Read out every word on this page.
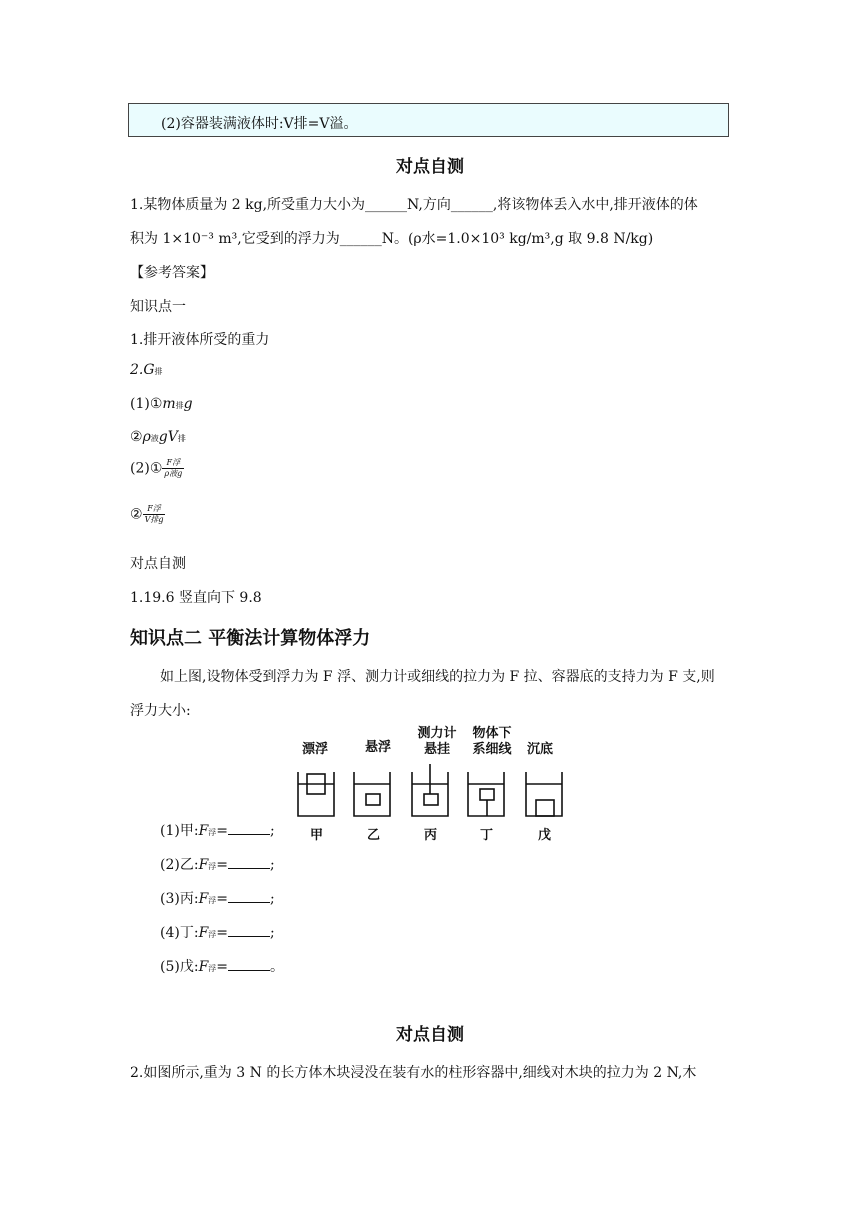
(2)容器装满液体时:V排=V溢。
对点自测
1.某物体质量为 2 kg,所受重力大小为______N,方向______,将该物体丢入水中,排开液体的体
积为 1×10⁻³ m³,它受到的浮力为______N。(ρ水=1.0×10³ kg/m³,g 取 9.8 N/kg)
【参考答案】
知识点一
1.排开液体所受的重力
2.G排
(1)①m排g
②ρ液gV排
(2)① $\frac{\text{F浮}}{\text{ρ液g}}$
② $\frac{\text{F浮}}{\text{V排g}}$
对点自测
1.19.6 竖直向下 9.8
知识点二 平衡法计算物体浮力
如上图,设物体受到浮力为 F 浮、测力计或细线的拉力为 F 拉、容器底的支持力为 F 支,则
浮力大小:
漂浮	悬浮
测力计
悬挂
物体下
系细线	沉底
甲	乙	丙	丁	戊
(1)甲:F浮=	;
(2)乙:F浮=	;
(3)丙:F浮=	;
(4)丁:F浮=	;
(5)戊:F浮=	。
对点自测
2.如图所示,重为 3 N 的长方体木块浸没在装有水的柱形容器中,细线对木块的拉力为 2 N,木
